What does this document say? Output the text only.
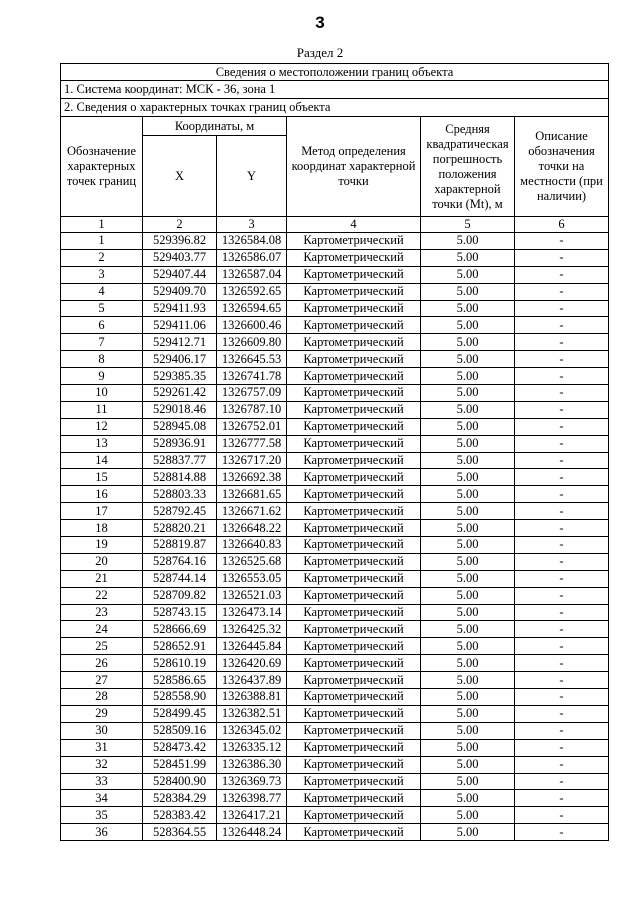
3
Раздел 2
Сведения о местоположении границ объекта					
1. Система координат: МСК - 36, зона 1					
2. Сведения о характерных точках границ объекта					
Обозначение характерных точек границ	Координаты, м		Метод определения координат характерной точки	Средняя квадратическая погрешность положения характерной точки (Mt), м	Описание обозначения точки на местности (при наличии)
	X	Y			
1	2	3	4	5	6
1	529396.82	1326584.08	Картометрический	5.00	-
2	529403.77	1326586.07	Картометрический	5.00	-
3	529407.44	1326587.04	Картометрический	5.00	-
4	529409.70	1326592.65	Картометрический	5.00	-
5	529411.93	1326594.65	Картометрический	5.00	-
6	529411.06	1326600.46	Картометрический	5.00	-
7	529412.71	1326609.80	Картометрический	5.00	-
8	529406.17	1326645.53	Картометрический	5.00	-
9	529385.35	1326741.78	Картометрический	5.00	-
10	529261.42	1326757.09	Картометрический	5.00	-
11	529018.46	1326787.10	Картометрический	5.00	-
12	528945.08	1326752.01	Картометрический	5.00	-
13	528936.91	1326777.58	Картометрический	5.00	-
14	528837.77	1326717.20	Картометрический	5.00	-
15	528814.88	1326692.38	Картометрический	5.00	-
16	528803.33	1326681.65	Картометрический	5.00	-
17	528792.45	1326671.62	Картометрический	5.00	-
18	528820.21	1326648.22	Картометрический	5.00	-
19	528819.87	1326640.83	Картометрический	5.00	-
20	528764.16	1326525.68	Картометрический	5.00	-
21	528744.14	1326553.05	Картометрический	5.00	-
22	528709.82	1326521.03	Картометрический	5.00	-
23	528743.15	1326473.14	Картометрический	5.00	-
24	528666.69	1326425.32	Картометрический	5.00	-
25	528652.91	1326445.84	Картометрический	5.00	-
26	528610.19	1326420.69	Картометрический	5.00	-
27	528586.65	1326437.89	Картометрический	5.00	-
28	528558.90	1326388.81	Картометрический	5.00	-
29	528499.45	1326382.51	Картометрический	5.00	-
30	528509.16	1326345.02	Картометрический	5.00	-
31	528473.42	1326335.12	Картометрический	5.00	-
32	528451.99	1326386.30	Картометрический	5.00	-
33	528400.90	1326369.73	Картометрический	5.00	-
34	528384.29	1326398.77	Картометрический	5.00	-
35	528383.42	1326417.21	Картометрический	5.00	-
36	528364.55	1326448.24	Картометрический	5.00	-
